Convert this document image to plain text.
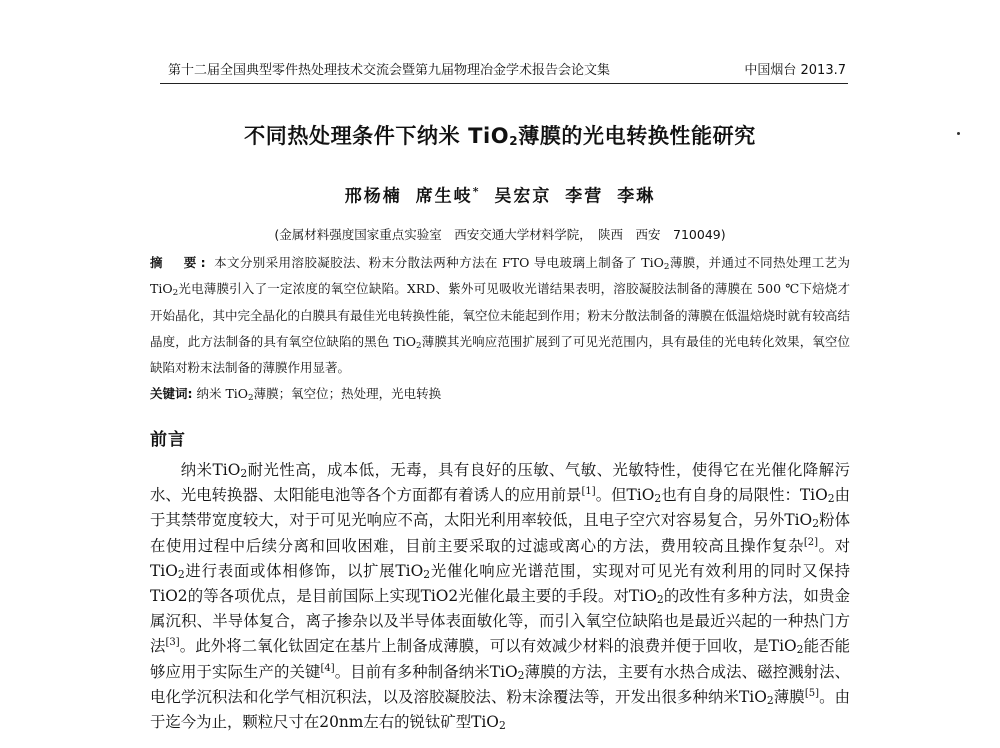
第十二届全国典型零件热处理技术交流会暨第九届物理冶金学术报告会论文集	中国烟台 2013.7
不同热处理条件下纳米 TiO$_2$薄膜的光电转换性能研究
邢杨楠 席生岐* 吴宏京 李营 李琳
(金属材料强度国家重点实验室　西安交通大学材料学院，　陕西　西安　710049)

摘　要: 本文分别采用溶胶凝胶法、粉末分散法两种方法在 FTO 导电玻璃上制备了 TiO$_2$薄膜，并通过不同热处理工艺为 TiO$_2$光电薄膜引入了一定浓度的氧空位缺陷。XRD、紫外可见吸收光谱结果表明，溶胶凝胶法制备的薄膜在 500 ℃下焙烧才开始晶化，其中完全晶化的白膜具有最佳光电转换性能，氧空位未能起到作用；粉末分散法制备的薄膜在低温焙烧时就有较高结晶度，此方法制备的具有氧空位缺陷的黑色 TiO$_2$薄膜其光响应范围扩展到了可见光范围内，具有最佳的光电转化效果，氧空位缺陷对粉末法制备的薄膜作用显著。

关键词: 纳米 TiO$_2$薄膜；氧空位；热处理，光电转换
前言

纳米TiO$_2$耐光性高，成本低，无毒，具有良好的压敏、气敏、光敏特性，使得它在光催化降解污水、光电转换器、太阳能电池等各个方面都有着诱人的应用前景[1]。但TiO$_2$也有自身的局限性：TiO$_2$由于其禁带宽度较大，对于可见光响应不高，太阳光利用率较低，且电子空穴对容易复合，另外TiO$_2$粉体在使用过程中后续分离和回收困难，目前主要采取的过滤或离心的方法，费用较高且操作复杂[2]。对TiO$_2$进行表面或体相修饰，以扩展TiO$_2$光催化响应光谱范围，实现对可见光有效利用的同时又保持TiO2的等各项优点，是目前国际上实现TiO2光催化最主要的手段。对TiO$_2$的改性有多种方法，如贵金属沉积、半导体复合，离子掺杂以及半导体表面敏化等，而引入氧空位缺陷也是最近兴起的一种热门方法[3]。此外将二氧化钛固定在基片上制备成薄膜，可以有效减少材料的浪费并便于回收，是TiO$_2$能否能够应用于实际生产的关键[4]。目前有多种制备纳米TiO$_2$薄膜的方法，主要有水热合成法、磁控溅射法、电化学沉积法和化学气相沉积法，以及溶胶凝胶法、粉末涂覆法等，开发出很多种纳米TiO$_2$薄膜[5]。由于迄今为止，颗粒尺寸在20nm左右的锐钛矿型TiO$_2$
